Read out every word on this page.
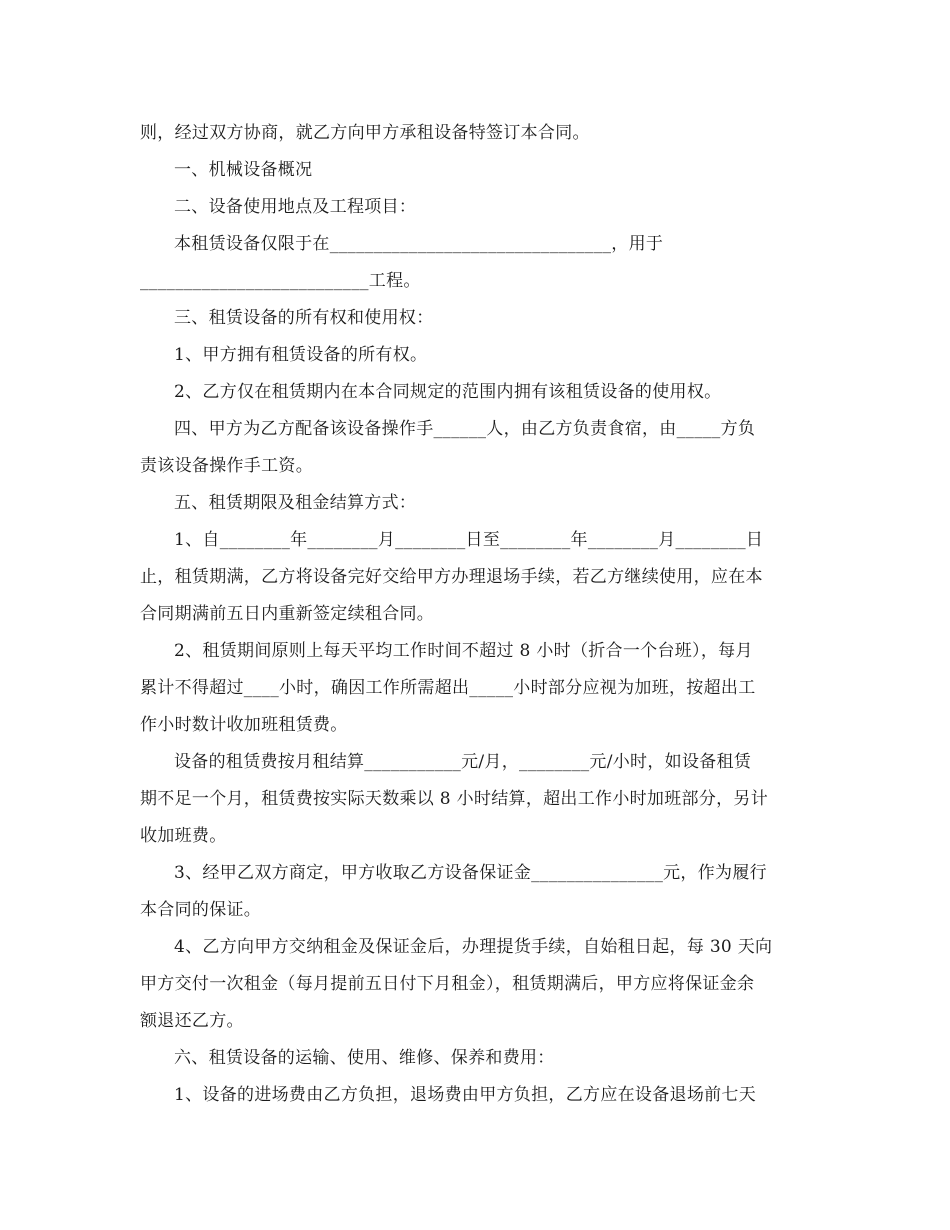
则，经过双方协商，就乙方向甲方承租设备特签订本合同。
一、机械设备概况
二、设备使用地点及工程项目：
本租赁设备仅限于在________________________________，用于
__________________________工程。
三、租赁设备的所有权和使用权：
1、甲方拥有租赁设备的所有权。
2、乙方仅在租赁期内在本合同规定的范围内拥有该租赁设备的使用权。
四、甲方为乙方配备该设备操作手______人，由乙方负责食宿，由_____方负
责该设备操作手工资。
五、租赁期限及租金结算方式：
1、自________年________月________日至________年________月________日
止，租赁期满，乙方将设备完好交给甲方办理退场手续，若乙方继续使用，应在本
合同期满前五日内重新签定续租合同。
2、租赁期间原则上每天平均工作时间不超过 8 小时（折合一个台班），每月
累计不得超过____小时，确因工作所需超出_____小时部分应视为加班，按超出工
作小时数计收加班租赁费。
设备的租赁费按月租结算___________元/月，________元/小时，如设备租赁
期不足一个月，租赁费按实际天数乘以 8 小时结算，超出工作小时加班部分，另计
收加班费。
3、经甲乙双方商定，甲方收取乙方设备保证金_______________元，作为履行
本合同的保证。
4、乙方向甲方交纳租金及保证金后，办理提货手续，自始租日起，每 30 天向
甲方交付一次租金（每月提前五日付下月租金），租赁期满后，甲方应将保证金余
额退还乙方。
六、租赁设备的运输、使用、维修、保养和费用：
1、设备的进场费由乙方负担，退场费由甲方负担，乙方应在设备退场前七天
